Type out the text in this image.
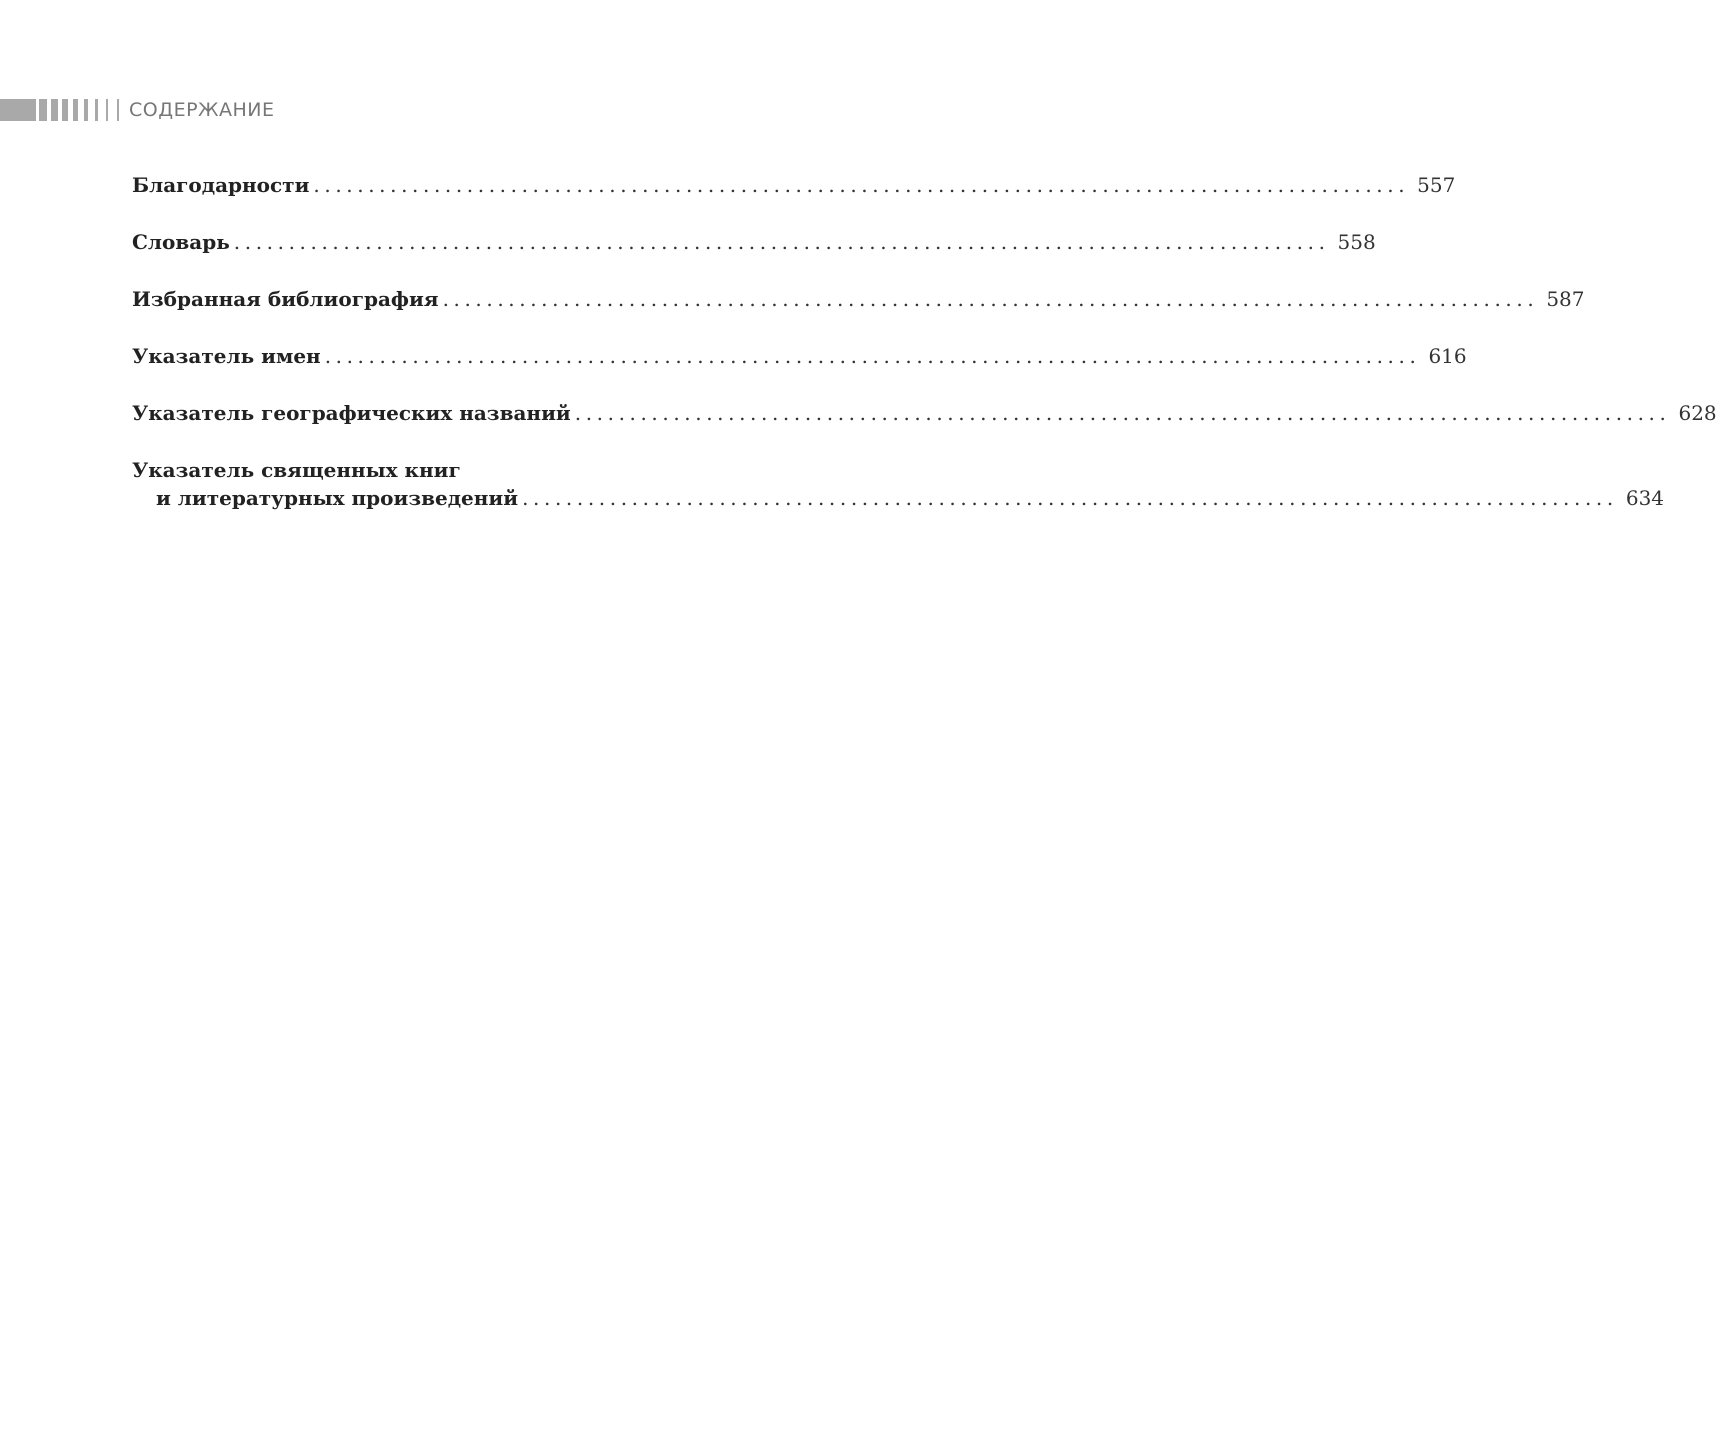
СОДЕРЖАНИЕ
Благодарности .................................................................................................... 557
Словарь .................................................................................................... 558
Избранная библиография .................................................................................................... 587
Указатель имен .................................................................................................... 616
Указатель географических названий .................................................................................................... 628
Указатель священных книг
и литературных произведений .................................................................................................... 634
